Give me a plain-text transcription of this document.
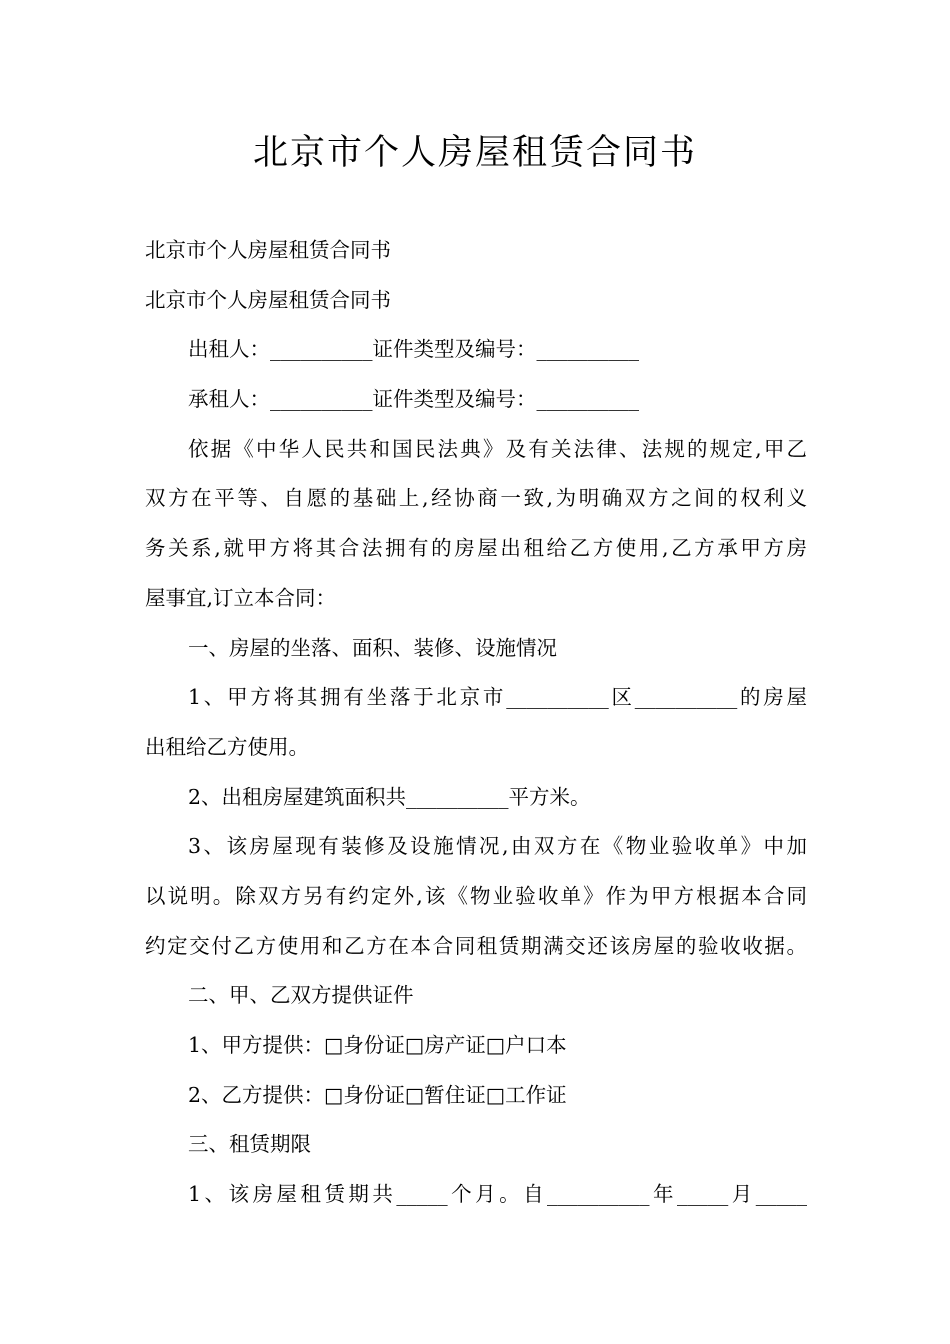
北京市个人房屋租赁合同书
北京市个人房屋租赁合同书
北京市个人房屋租赁合同书
出租人：__________证件类型及编号：__________
承租人：__________证件类型及编号：__________
依据《中华人民共和国民法典》及有关法律、法规的规定,甲乙
双方在平等、自愿的基础上,经协商一致,为明确双方之间的权利义
务关系,就甲方将其合法拥有的房屋出租给乙方使用,乙方承甲方房
屋事宜,订立本合同：
一、房屋的坐落、面积、装修、设施情况
1、甲方将其拥有坐落于北京市__________区__________的房屋
出租给乙方使用。
2、出租房屋建筑面积共__________平方米。
3、该房屋现有装修及设施情况,由双方在《物业验收单》中加
以说明。除双方另有约定外,该《物业验收单》作为甲方根据本合同
约定交付乙方使用和乙方在本合同租赁期满交还该房屋的验收收据。
二、甲、乙双方提供证件
1、甲方提供：□身份证□房产证□户口本
2、乙方提供：□身份证□暂住证□工作证
三、租赁期限
1、该房屋租赁期共_____个月。自__________年_____月_____
